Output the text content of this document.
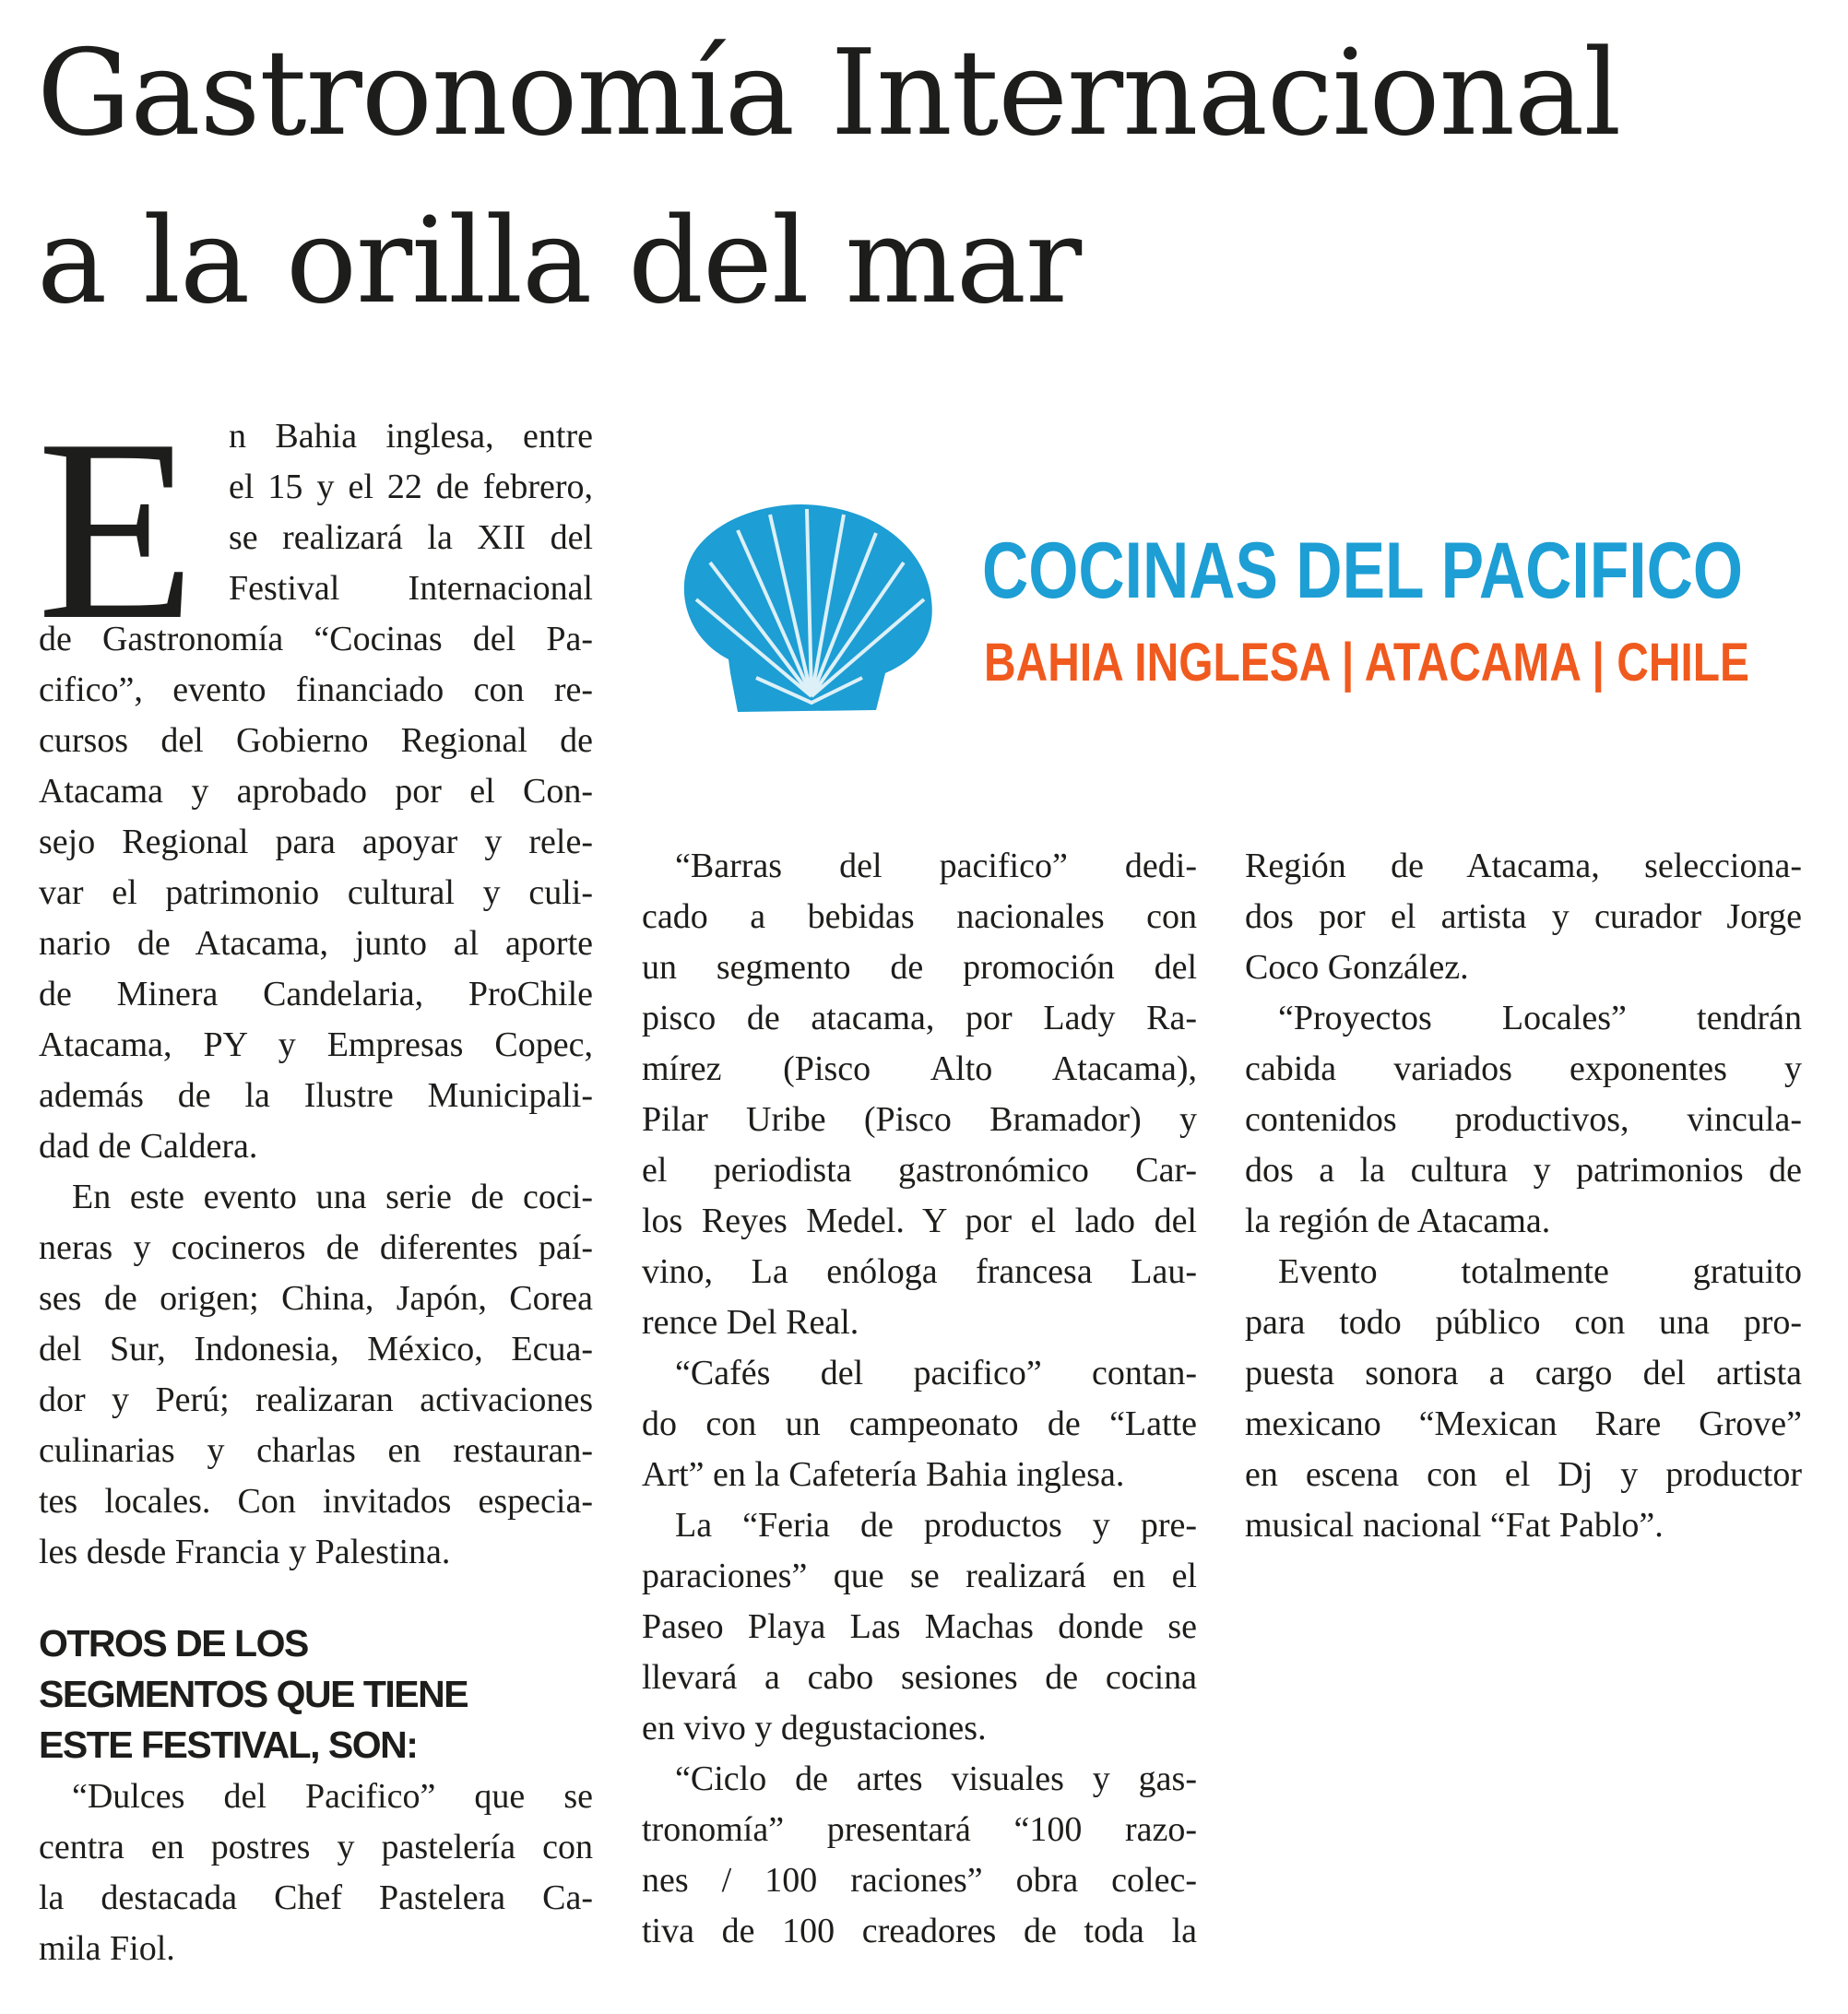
Gastronomía Internacional
a la orilla del mar
E n Bahia inglesa, entre
el 15 y el 22 de febrero,
se realizará la XII del
Festival Internacional
de Gastronomía “Cocinas del Pa-
cifico”, evento financiado con re-
cursos del Gobierno Regional de
Atacama y aprobado por el Con-
sejo Regional para apoyar y rele-
var el patrimonio cultural y culi-
nario de Atacama, junto al aporte
de Minera Candelaria, ProChile
Atacama, PY y Empresas Copec,
además de la Ilustre Municipali-
dad de Caldera.
En este evento una serie de coci-
neras y cocineros de diferentes paí-
ses de origen; China, Japón, Corea
del Sur, Indonesia, México, Ecua-
dor y Perú; realizaran activaciones
culinarias y charlas en restauran-
tes locales. Con invitados especia-
les desde Francia y Palestina.
OTROS DE LOS
SEGMENTOS QUE TIENE
ESTE FESTIVAL, SON:
“Dulces del Pacifico” que se
centra en postres y pastelería con
la destacada Chef Pastelera Ca-
mila Fiol.
“Barras del pacifico” dedi-
cado a bebidas nacionales con
un segmento de promoción del
pisco de atacama, por Lady Ra-
mírez (Pisco Alto Atacama),
Pilar Uribe (Pisco Bramador) y
el periodista gastronómico Car-
los Reyes Medel. Y por el lado del
vino, La enóloga francesa Lau-
rence Del Real.
“Cafés del pacifico” contan-
do con un campeonato de “Latte
Art” en la Cafetería Bahia inglesa.
La “Feria de productos y pre-
paraciones” que se realizará en el
Paseo Playa Las Machas donde se
llevará a cabo sesiones de cocina
en vivo y degustaciones.
“Ciclo de artes visuales y gas-
tronomía” presentará “100 razo-
nes / 100 raciones” obra colec-
tiva de 100 creadores de toda la
Región de Atacama, selecciona-
dos por el artista y curador Jorge
Coco González.
“Proyectos Locales” tendrán
cabida variados exponentes y
contenidos productivos, vincula-
dos a la cultura y patrimonios de
la región de Atacama.
Evento totalmente gratuito
para todo público con una pro-
puesta sonora a cargo del artista
mexicano “Mexican Rare Grove”
en escena con el Dj y productor
musical nacional “Fat Pablo”.
COCINAS DEL PACIFICO
BAHIA INGLESA | ATACAMA | CHILE
